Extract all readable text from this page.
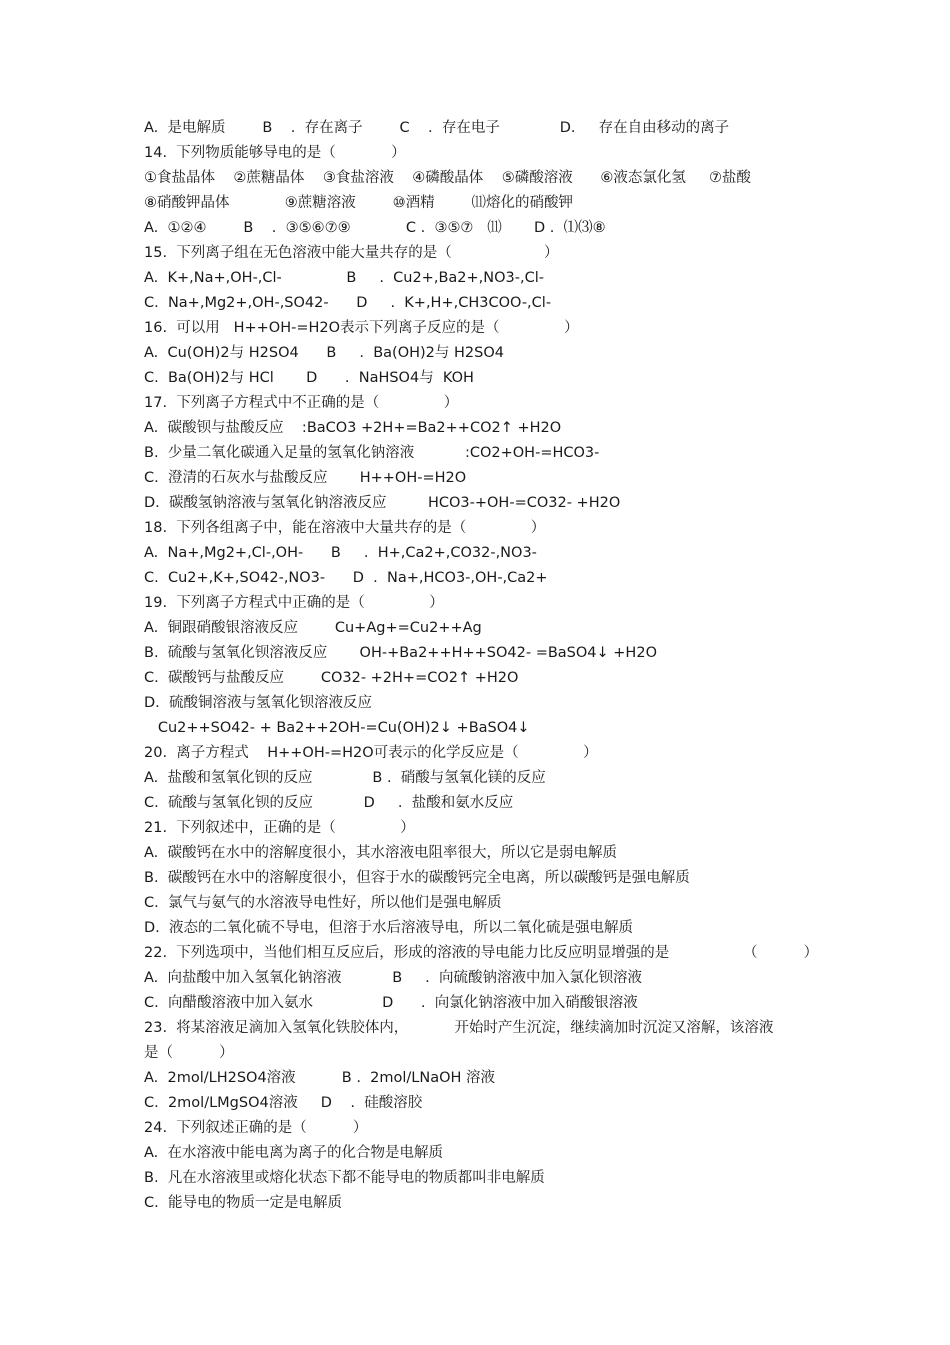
A.  是电解质        B    .  存在离子        C    .  存在电子             D.     存在自由移动的离子
14.  下列物质能够导电的是（            ）
①食盐晶体    ②蔗糖晶体    ③食盐溶液    ④磷酸晶体    ⑤磷酸溶液      ⑥液态氯化氢     ⑦盐酸
⑧硝酸钾晶体            ⑨蔗糖溶液        ⑩酒精        ⑾熔化的硝酸钾
A.  ①②④        B    .  ③⑤⑥⑦⑨            C .  ③⑤⑦   ⑾       D .  ⑴⑶⑧
15.  下列离子组在无色溶液中能大量共存的是（                    ）
A.  K+,Na+,OH-,Cl-              B     .  Cu2+,Ba2+,NO3-,Cl-
C.  Na+,Mg2+,OH-,SO42-      D     .  K+,H+,CH3COO-,Cl-
16.  可以用   H++OH-=H2O表示下列离子反应的是（              ）
A.  Cu(OH)2与 H2SO4      B     .  Ba(OH)2与 H2SO4
C.  Ba(OH)2与 HCl       D      .  NaHSO4与  KOH
17.  下列离子方程式中不正确的是（              ）
A.  碳酸钡与盐酸反应    :BaCO3 +2H+=Ba2++CO2↑ +H2O
B.  少量二氧化碳通入足量的氢氧化钠溶液           :CO2+OH-=HCO3-
C.  澄清的石灰水与盐酸反应       H++OH-=H2O
D.  碳酸氢钠溶液与氢氧化钠溶液反应         HCO3-+OH-=CO32- +H2O
18.  下列各组离子中，能在溶液中大量共存的是（              ）
A.  Na+,Mg2+,Cl-,OH-      B     .  H+,Ca2+,CO32-,NO3-
C.  Cu2+,K+,SO42-,NO3-      D  .  Na+,HCO3-,OH-,Ca2+
19.  下列离子方程式中正确的是（              ）
A.  铜跟硝酸银溶液反应        Cu+Ag+=Cu2++Ag
B.  硫酸与氢氧化钡溶液反应       OH-+Ba2++H++SO42- =BaSO4↓ +H2O
C.  碳酸钙与盐酸反应        CO32- +2H+=CO2↑ +H2O
D.  硫酸铜溶液与氢氧化钡溶液反应
Cu2++SO42- + Ba2++2OH-=Cu(OH)2↓ +BaSO4↓
20.  离子方程式    H++OH-=H2O可表示的化学反应是（              ）
A.  盐酸和氢氧化钡的反应             B .  硝酸与氢氧化镁的反应
C.  硫酸与氢氧化钡的反应           D     .  盐酸和氨水反应
21.  下列叙述中，正确的是（              ）
A.  碳酸钙在水中的溶解度很小，其水溶液电阻率很大，所以它是弱电解质
B.  碳酸钙在水中的溶解度很小，但容于水的碳酸钙完全电离，所以碳酸钙是强电解质
C.  氯气与氨气的水溶液导电性好，所以他们是强电解质
D.  液态的二氧化硫不导电，但溶于水后溶液导电，所以二氧化硫是强电解质
22.  下列选项中，当他们相互反应后，形成的溶液的导电能力比反应明显增强的是                （          ）
A.  向盐酸中加入氢氧化钠溶液           B     .  向硫酸钠溶液中加入氯化钡溶液
C.  向醋酸溶液中加入氨水               D      .  向氯化钠溶液中加入硝酸银溶液
23.  将某溶液足滴加入氢氧化铁胶体内，          开始时产生沉淀，继续滴加时沉淀又溶解，该溶液
是（          ）
A.  2mol/LH2SO4溶液          B .  2mol/LNaOH 溶液
C.  2mol/LMgSO4溶液     D    .  硅酸溶胶
24.  下列叙述正确的是（          ）
A.  在水溶液中能电离为离子的化合物是电解质
B.  凡在水溶液里或熔化状态下都不能导电的物质都叫非电解质
C.  能导电的物质一定是电解质
